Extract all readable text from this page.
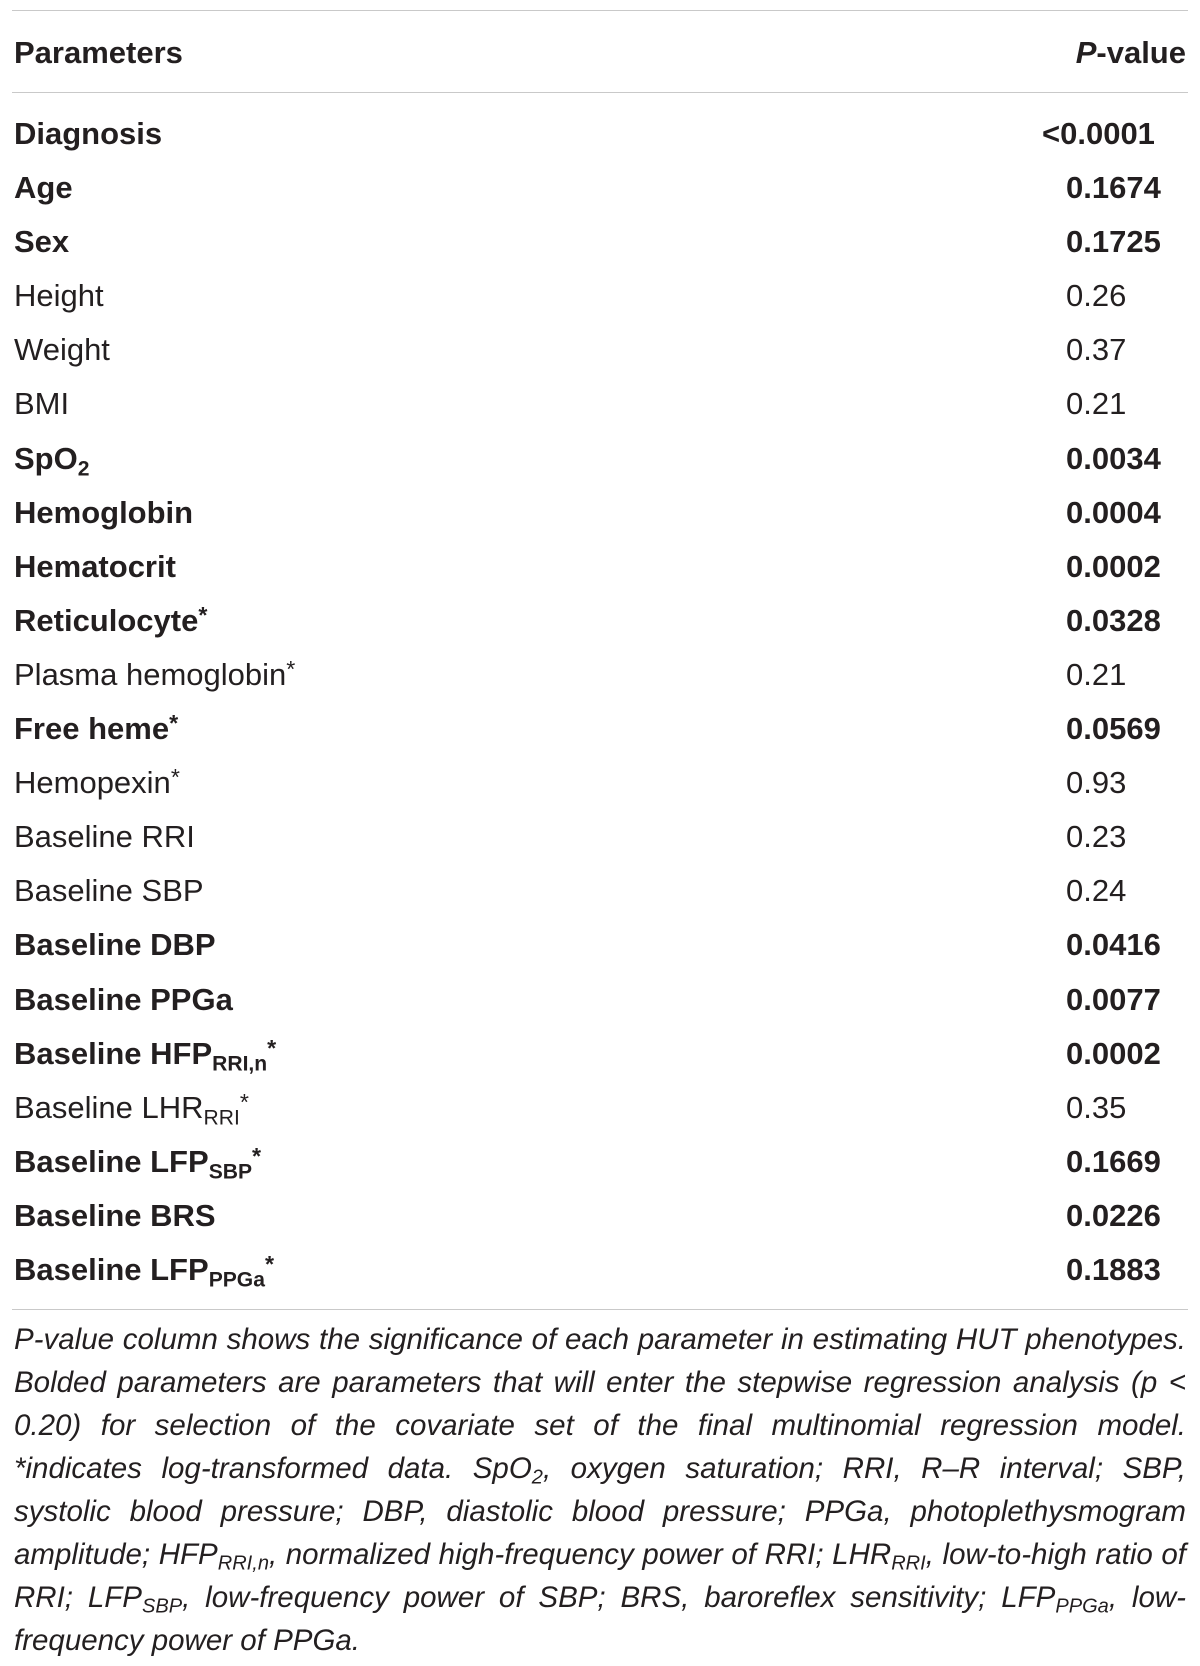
Parameters	P-value
Diagnosis	<0.0001
Age	0.1674
Sex	0.1725
Height	0.26
Weight	0.37
BMI	0.21
SpO$_2$	0.0034
Hemoglobin	0.0004
Hematocrit	0.0002
Reticulocyte*	0.0328
Plasma hemoglobin*	0.21
Free heme*	0.0569
Hemopexin*	0.93
Baseline RRI	0.23
Baseline SBP	0.24
Baseline DBP	0.0416
Baseline PPGa	0.0077
Baseline $HFP_{RRI,n}^*$	0.0002
Baseline $LHR_{RRI}^*$	0.35
Baseline $LFP_{SBP}^*$	0.1669
Baseline BRS	0.0226
Baseline $LFP_{PPGa}^*$	0.1883
P-value column shows the significance of each parameter in estimating HUT phenotypes. Bolded parameters are parameters that will enter the stepwise regression analysis (p < 0.20) for selection of the covariate set of the final multinomial regression model. *indicates log-transformed data. SpO$_2$, oxygen saturation; RRI, R–R interval; SBP, systolic blood pressure; DBP, diastolic blood pressure; PPGa, photoplethysmogram amplitude; $HFP_{RRI,n}$, normalized high-frequency power of RRI; $LHR_{RRI}$, low-to-high ratio of RRI; $LFP_{SBP}$, low-frequency power of SBP; BRS, baroreflex sensitivity; $LFP_{PPGa}$, low-frequency power of PPGa.
